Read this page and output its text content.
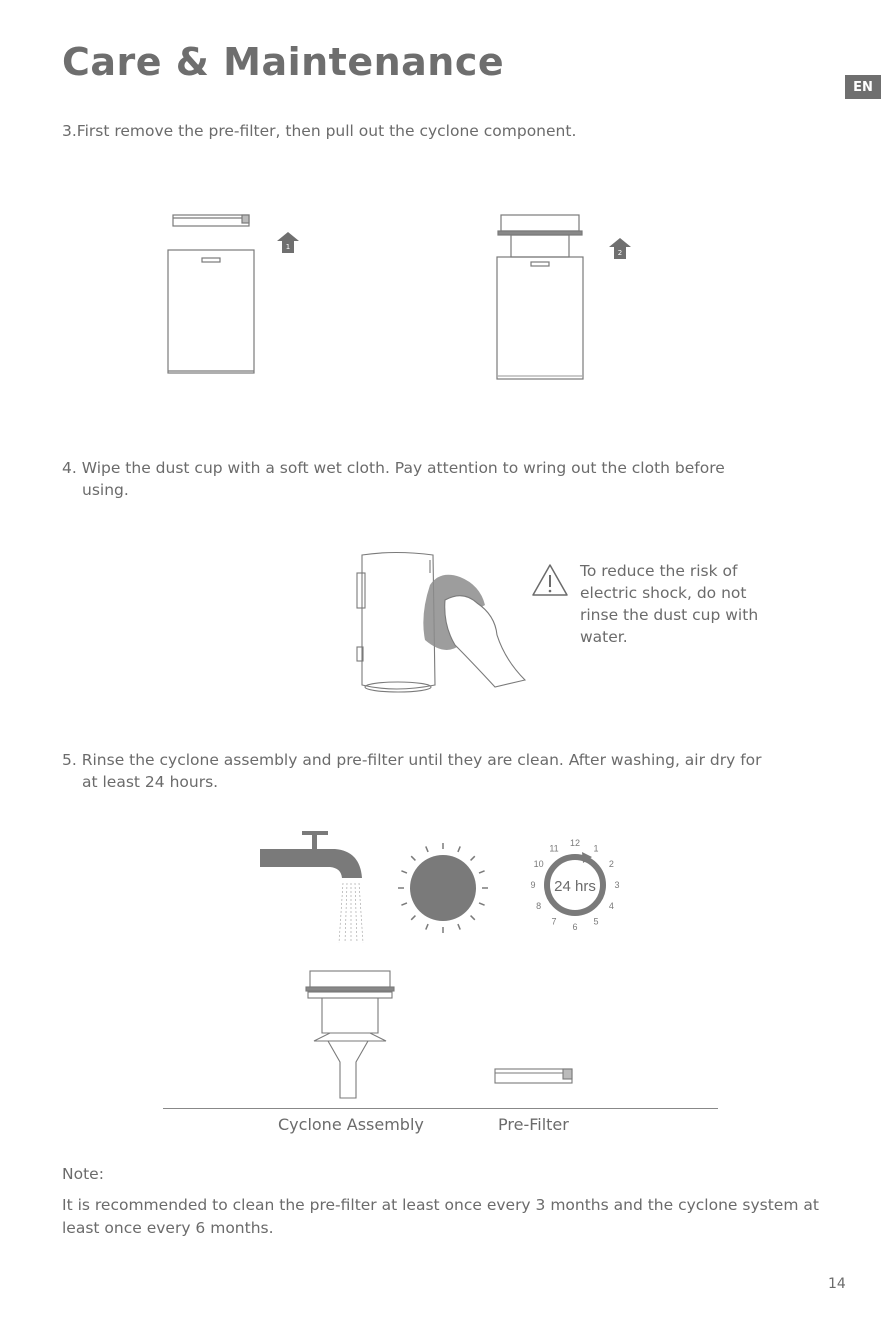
Care & Maintenance
EN
3.First remove the pre-filter, then pull out the cyclone component.
1
2
4. Wipe the dust cup with a soft wet cloth. Pay attention to wring out the cloth before
using.
To reduce the risk of electric shock, do not rinse the dust cup with water.
5. Rinse the cyclone assembly and pre-filter until they are clean. After washing, air dry for
at least 24 hours.
24 hrs
12
1
2
3
4
5
6
7
8
9
10
11
Cyclone Assembly	Pre-Filter
Note:
It is recommended to clean the pre-filter at least once every 3 months and the cyclone system at least once every 6 months.
14
